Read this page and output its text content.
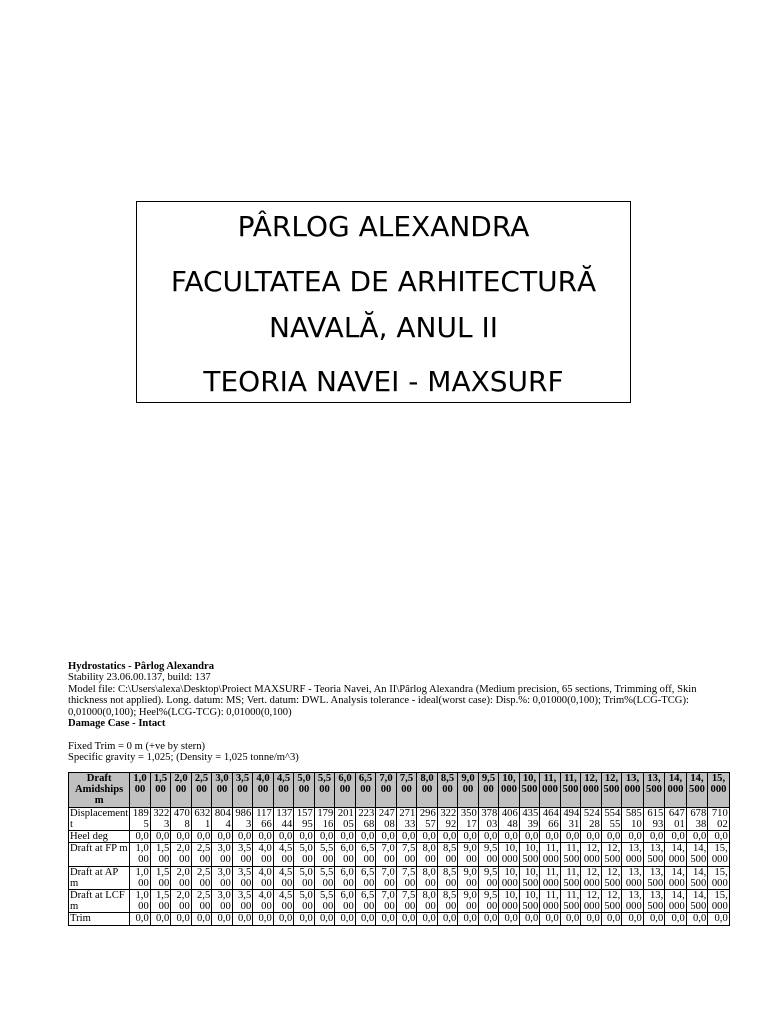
PÂRLOG ALEXANDRA
FACULTATEA DE ARHITECTURĂ
NAVALĂ, ANUL II
TEORIA NAVEI - MAXSURF

Hydrostatics - Pârlog Alexandra

Stability 23.06.00.137, build: 137

Model file: C:\Users\alexa\Desktop\Proiect MAXSURF - Teoria Navei, An II\Pârlog Alexandra (Medium precision, 65 sections, Trimming off, Skin thickness not applied). Long. datum: MS; Vert. datum: DWL. Analysis tolerance - ideal(worst case): Disp.%: 0,01000(0,100); Trim%(LCG-TCG): 0,01000(0,100); Heel%(LCG-TCG): 0,01000(0,100)

Damage Case - Intact

Fixed Trim = 0 m (+ve by stern)

Specific gravity = 1,025; (Density = 1,025 tonne/m^3)

Draft Amidships m	1,000	1,500	2,000	2,500	3,000	3,500	4,000	4,500	5,000	5,500	6,000	6,500	7,000	7,500	8,000	8,500	9,000	9,500	10,000	10,500	11,000	11,500	12,000	12,500	13,000	13,500	14,000	14,500	15,000
Displacement t	1895	3223	4708	6321	8044	9863	11766	13744	15795	17916	20105	22368	24708	27133	29657	32292	35017	37803	40648	43539	46466	49431	52428	55455	58510	61593	64701	67838	71002
Heel deg	0,0	0,0	0,0	0,0	0,0	0,0	0,0	0,0	0,0	0,0	0,0	0,0	0,0	0,0	0,0	0,0	0,0	0,0	0,0	0,0	0,0	0,0	0,0	0,0	0,0	0,0	0,0	0,0	0,0
Draft at FP m	1,000	1,500	2,000	2,500	3,000	3,500	4,000	4,500	5,000	5,500	6,000	6,500	7,000	7,500	8,000	8,500	9,000	9,500	10,000	10,500	11,000	11,500	12,000	12,500	13,000	13,500	14,000	14,500	15,000
Draft at AP m	1,000	1,500	2,000	2,500	3,000	3,500	4,000	4,500	5,000	5,500	6,000	6,500	7,000	7,500	8,000	8,500	9,000	9,500	10,000	10,500	11,000	11,500	12,000	12,500	13,000	13,500	14,000	14,500	15,000
Draft at LCF m	1,000	1,500	2,000	2,500	3,000	3,500	4,000	4,500	5,000	5,500	6,000	6,500	7,000	7,500	8,000	8,500	9,000	9,500	10,000	10,500	11,000	11,500	12,000	12,500	13,000	13,500	14,000	14,500	15,000
Trim	0,0	0,0	0,0	0,0	0,0	0,0	0,0	0,0	0,0	0,0	0,0	0,0	0,0	0,0	0,0	0,0	0,0	0,0	0,0	0,0	0,0	0,0	0,0	0,0	0,0	0,0	0,0	0,0	0,0
